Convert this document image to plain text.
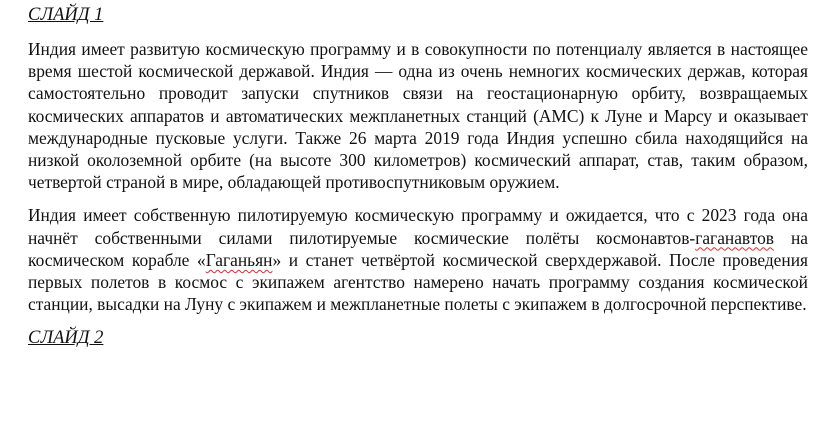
СЛАЙД 1

Индия имеет развитую космическую программу и в совокупности по потенциалу является в настоящее время шестой космической державой. Индия — одна из очень немногих космических держав, которая самостоятельно проводит запуски спутников связи на геостационарную орбиту, возвращаемых космических аппаратов и автоматических межпланетных станций (АМС) к Луне и Марсу и оказывает международные пусковые услуги. Также 26 марта 2019 года Индия успешно сбила находящийся на низкой околоземной орбите (на высоте 300 километров) космический аппарат, став, таким образом, четвертой страной в мире, обладающей противоспутниковым оружием.

Индия имеет собственную пилотируемую космическую программу и ожидается, что с 2023 года она начнёт собственными силами пилотируемые космические полёты космонавтов-гаганавтов на космическом корабле «Гаганьян» и станет четвёртой космической сверхдержавой. После проведения первых полетов в космос с экипажем агентство намерено начать программу создания космической станции, высадки на Луну с экипажем и межпланетные полеты с экипажем в долгосрочной перспективе.

СЛАЙД 2
